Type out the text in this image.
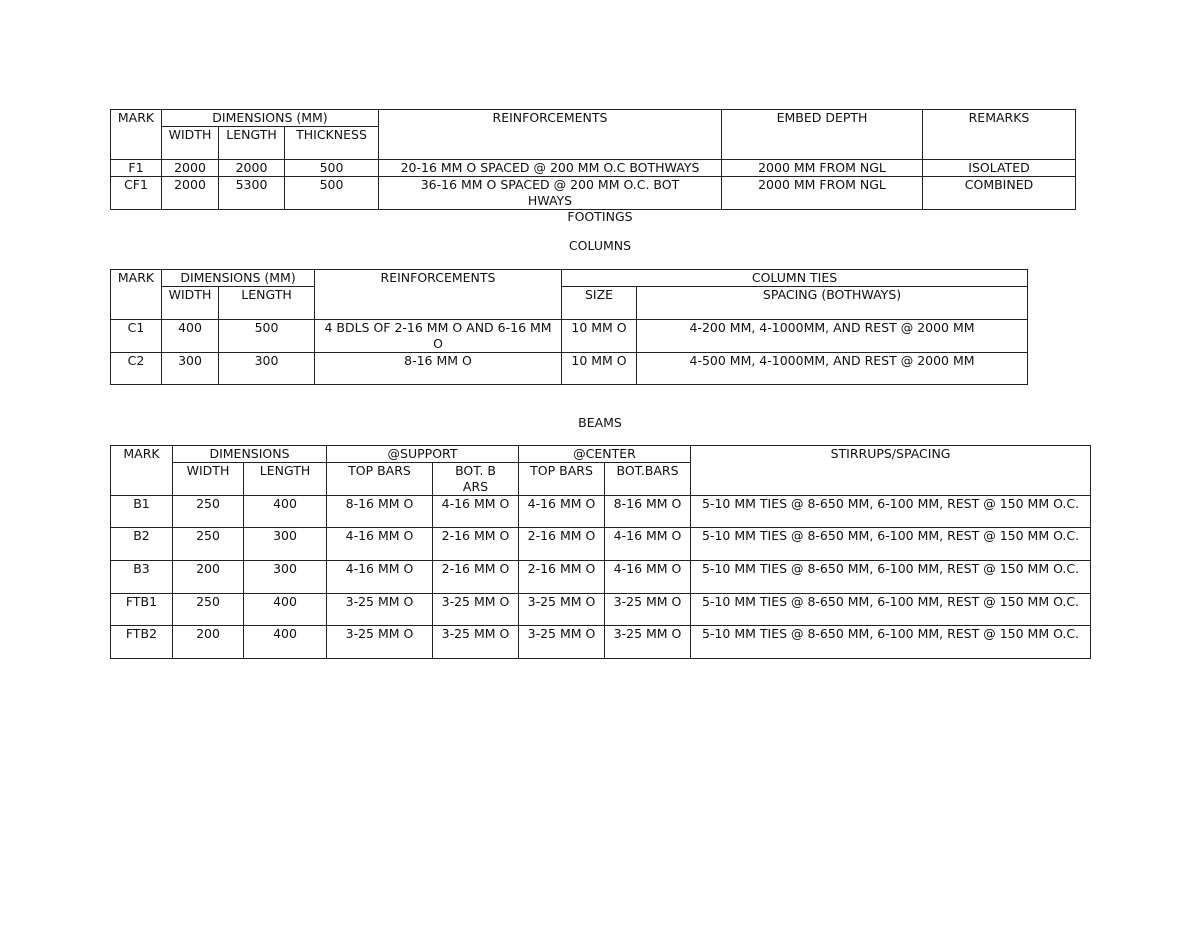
MARK	DIMENSIONS (MM)			REINFORCEMENTS	EMBED DEPTH	REMARKS
	WIDTH	LENGTH	THICKNESS			
F1	2000	2000	500	20-16 MM O SPACED @ 200 MM O.C BOTHWAYS	2000 MM FROM NGL	ISOLATED
CF1	2000	5300	500	36-16 MM O SPACED @ 200 MM O.C. BOTHWAYS	2000 MM FROM NGL	COMBINED
FOOTINGS
COLUMNS
MARK	DIMENSIONS (MM)		REINFORCEMENTS	COLUMN TIES	
	WIDTH	LENGTH		SIZE	SPACING (BOTHWAYS)
C1	400	500	4 BDLS OF 2-16 MM O AND 6-16 MM O	10 MM O	4-200 MM, 4-1000MM, AND REST @ 2000 MM
C2	300	300	8-16 MM O	10 MM O	4-500 MM, 4-1000MM, AND REST @ 2000 MM
BEAMS
MARK	DIMENSIONS		@SUPPORT		@CENTER		STIRRUPS/SPACING
	WIDTH	LENGTH	TOP BARS	BOT. BARS	TOP BARS	BOT.BARS	
B1	250	400	8-16 MM O	4-16 MM O	4-16 MM O	8-16 MM O	5-10 MM TIES @ 8-650 MM, 6-100 MM, REST @ 150 MM O.C.
B2	250	300	4-16 MM O	2-16 MM O	2-16 MM O	4-16 MM O	5-10 MM TIES @ 8-650 MM, 6-100 MM, REST @ 150 MM O.C.
B3	200	300	4-16 MM O	2-16 MM O	2-16 MM O	4-16 MM O	5-10 MM TIES @ 8-650 MM, 6-100 MM, REST @ 150 MM O.C.
FTB1	250	400	3-25 MM O	3-25 MM O	3-25 MM O	3-25 MM O	5-10 MM TIES @ 8-650 MM, 6-100 MM, REST @ 150 MM O.C.
FTB2	200	400	3-25 MM O	3-25 MM O	3-25 MM O	3-25 MM O	5-10 MM TIES @ 8-650 MM, 6-100 MM, REST @ 150 MM O.C.
